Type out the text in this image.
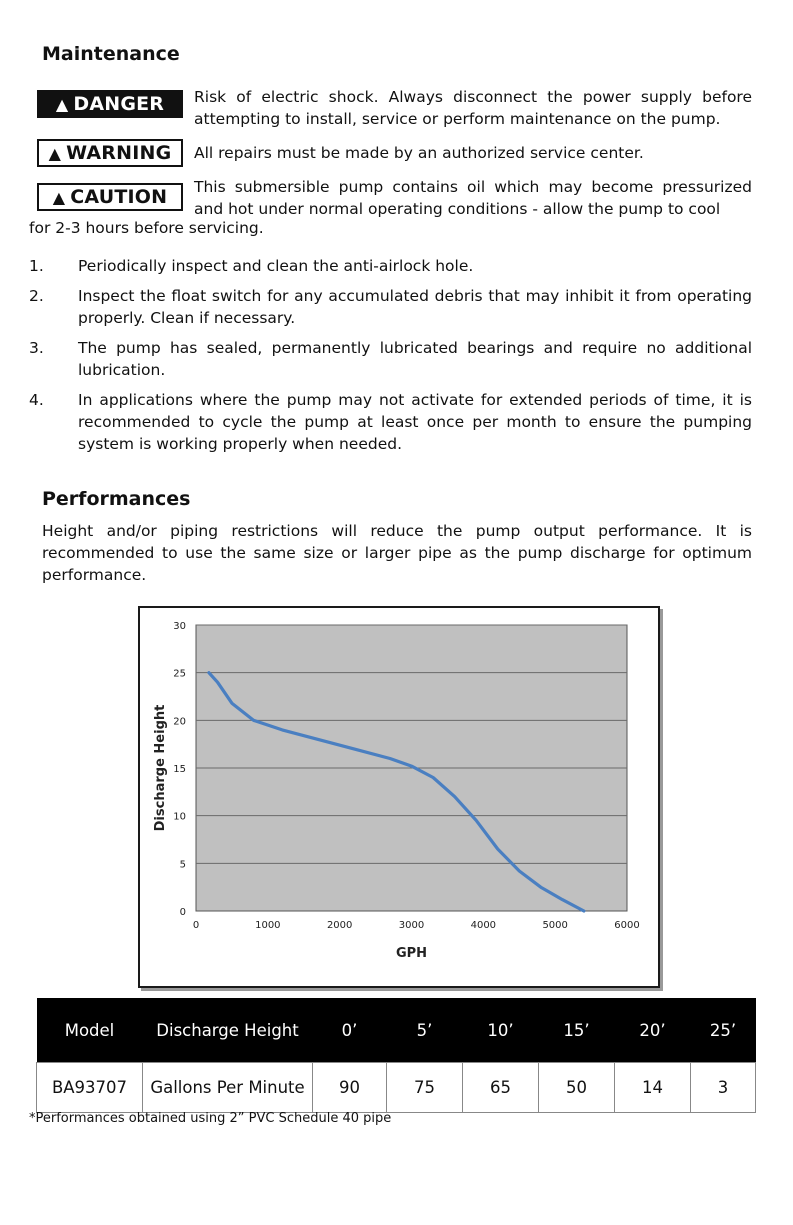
Maintenance
▲ DANGER Risk of electric shock. Always disconnect the power supply before attempting to install, service or perform maintenance on the pump.
▲ WARNING All repairs must be made by an authorized service center.
▲ CAUTION This submersible pump contains oil which may become pressurized and hot under normal operating conditions - allow the pump to cool
for 2-3 hours before servicing.
1. Periodically inspect and clean the anti-airlock hole.
2. Inspect the float switch for any accumulated debris that may inhibit it from operating properly. Clean if necessary.
3. The pump has sealed, permanently lubricated bearings and require no additional lubrication.
4. In applications where the pump may not activate for extended periods of time, it is recommended to cycle the pump at least once per month to ensure the pumping system is working properly when needed.
Performances
Height and/or piping restrictions will reduce the pump output performance. It is recommended to use the same size or larger pipe as the pump discharge for optimum performance.
0
5
10
15
20
25
30
0	1000	2000	3000	4000	5000	6000
GPH
Discharge Height
Model	Discharge Height	0’	5’	10’	15’	20’	25’
BA93707	Gallons Per Minute	90	75	65	50	14	3
*Performances obtained using 2” PVC Schedule 40 pipe
